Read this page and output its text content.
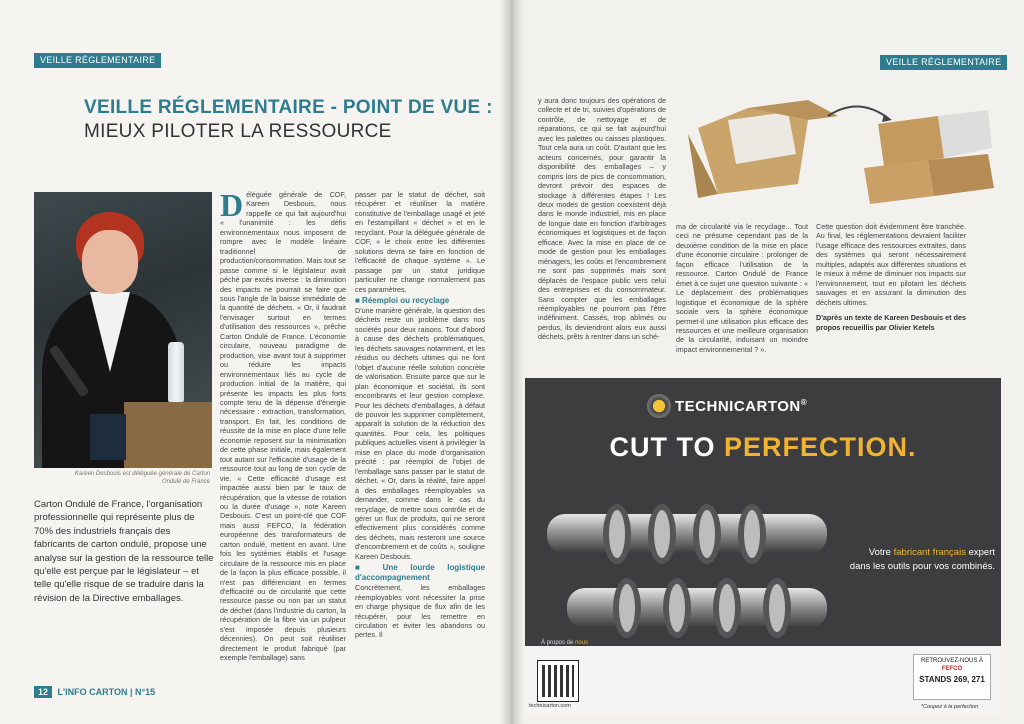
VEILLE RÉGLEMENTAIRE
VEILLE RÉGLEMENTAIRE - POINT DE VUE :
MIEUX PILOTER LA RESSOURCE
Kareen Desbouis est déléguée générale de Carton Ondulé de France
Carton Ondulé de France, l'organisation professionnelle qui représente plus de 70% des industriels français des fabricants de carton ondulé, propose une analyse sur la gestion de la ressource telle qu'elle est perçue par le législateur – et telle qu'elle risque de se traduire dans la révision de la Directive emballages.
Déléguée générale de COF, Kareen Desbouis, nous rappelle ce qui fait aujourd'hui « l'unanimité : les défis environnementaux nous imposent de rompre avec le modèle linéaire traditionnel de production/consommation. Mais tout se passe comme si le législateur avait péché par excès inverse : la diminution des impacts ne pourrait se faire que sous l'angle de la baisse immédiate de la quantité de déchets. « Or, il faudrait l'envisager surtout en termes d'utilisation des ressources », prêche Carton Ondulé de France. L'économie circulaire, nouveau paradigme de production, vise avant tout à supprimer ou réduire les impacts environnementaux liés au cycle de production initial de la matière, qui présente les impacts les plus forts compte tenu de la dépense d'énergie nécessaire : extraction, transformation, transport. En fait, les conditions de réussite de la mise en place d'une telle économie reposent sur la minimisation de cette phase initiale, mais également tout autant sur l'efficacité d'usage de la ressource tout au long de son cycle de vie. « Cette efficacité d'usage est impactée aussi bien par le taux de récupération, que la vitesse de rotation ou la durée d'usage », note Kareen Desbouis. C'est un point-clé que COF mais aussi FEFCO, la fédération européenne des transformateurs de carton ondulé, mettent en avant. Une fois les systèmes établis et l'usage circulaire de la ressource mis en place de la façon la plus efficace possible, il n'est pas différenciant en termes d'efficacité ou de circularité que cette ressource passe ou non par un statut de déchet (dans l'industrie du carton, la récupération de la fibre via un pulpeur s'est imposée depuis plusieurs décennies). On peut soit réutiliser directement le produit fabriqué (par exemple l'emballage) sans
passer par le statut de déchet, soit récupérer et réutiliser la matière constitutive de l'emballage usagé et jeté en l'estampillant « déchet » et en le recyclant. Pour la déléguée générale de COF, « le choix entre les différentes solutions devra se faire en fonction de l'efficacité de chaque système ». Le passage par un statut juridique particulier ne change normalement pas ces paramètres.
■ Réemploi ou recyclage
D'une manière générale, la question des déchets reste un problème dans nos sociétés pour deux raisons. Tout d'abord à cause des déchets problématiques, les déchets sauvages notamment, et les résidus ou déchets ultimes qui ne font l'objet d'aucune réelle solution concrète de valorisation. Ensuite parce que sur le plan économique et sociétal, ils sont encombrants et leur gestion complexe. Pour les déchets d'emballages, à défaut de pouvoir les supprimer complètement, apparaît la solution de la réduction des quantités. Pour cela, les politiques publiques actuelles visent à privilégier la mise en place du mode d'organisation précité : par réemploi de l'objet de l'emballage sans passer par le statut de déchet. « Or, dans la réalité, faire appel à des emballages réemployables va demander, comme dans le cas du recyclage, de mettre sous contrôle et de gérer un flux de produits, qui ne seront effectivement plus considérés comme des déchets, mais resteront une source d'encombrement et de coûts », souligne Kareen Desbouis.
■ Une lourde logistique d'accompagnement
Concrètement, les emballages réemployables vont nécessiter la prise en charge physique de flux afin de les récupérer, pour les remettre en circulation et éviter les abandons ou pertes. Il
12 L'INFO CARTON | N°15
VEILLE RÉGLEMENTAIRE
y aura donc toujours des opérations de collecte et de tri, suivies d'opérations de contrôle, de nettoyage et de réparations, ce qui se fait aujourd'hui avec les palettes ou caisses plastiques. Tout cela aura un coût. D'autant que les acteurs concernés, pour garantir la disponibilité des emballages – y compris lors de pics de consommation, devront prévoir des espaces de stockage à différentes étapes ! Les deux modes de gestion coexistent déjà dans le monde industriel, mis en place de longue date en fonction d'arbitrages économiques et logistiques et de façon efficace. Avec la mise en place de ce mode de gestion pour les emballages ménagers, les coûts et l'encombrement ne sont pas supprimés mais sont déplacés de l'espace public vers celui des entreprises et du consommateur. Sans compter que les emballages réemployables ne pourront pas l'être indéfiniment. Cassés, trop abîmés ou perdus, ils deviendront alors eux aussi déchets, prêts à rentrer dans un sché-
ma de circularité via le recyclage... Tout ceci ne présume cependant pas de la deuxième condition de la mise en place d'une économie circulaire : prolonger de façon efficace l'utilisation de la ressource. Carton Ondulé de France émet à ce sujet une question suivante : « Le déplacement des problématiques logistique et économique de la sphère sociale vers la sphère économique permet-il une utilisation plus efficace des ressources et une meilleure organisation de la circularité, induisant un moindre impact environnemental ? ».
Cette question doit évidemment être tranchée. Au final, les réglementations devraient faciliter l'usage efficace des ressources extraites, dans des systèmes qui seront nécessairement multiples, adaptés aux différentes situations et le mieux à même de diminuer nos impacts sur l'environnement, tout en pilotant les déchets sauvages et en assurant la diminution des déchets ultimes.
D'après un texte de Kareen Desbouis et des propos recueillis par Olivier Ketels
TECHNICARTON®
CUT TO PERFECTION.
Votre fabricant français expert
dans les outils pour vos combinés.
À propos de nous
technicarton.com
RETROUVEZ-NOUS À
FEFCO
STANDS 269, 271
*Coupez à la perfection
